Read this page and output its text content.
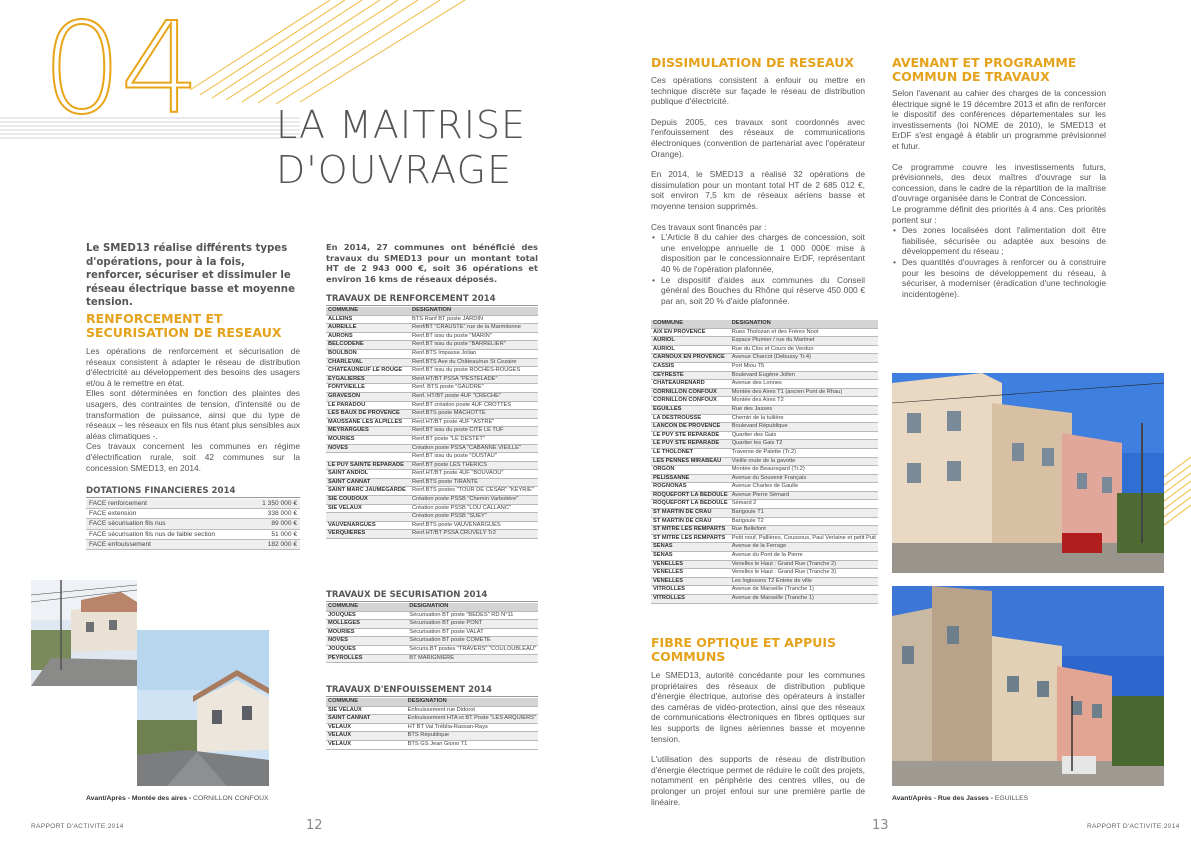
04 LA MAITRISE
D'OUVRAGE
Le SMED13 réalise différents types d'opérations, pour à la fois, renforcer, sécuriser et dissimuler le réseau électrique basse et moyenne tension.
RENFORCEMENT ET
SECURISATION DE RESEAUX
Les opérations de renforcement et sécurisation de réseaux consistent à adapter le réseau de distribution d'électricité au développement des besoins des usagers et/ou à le remettre en état.
Elles sont déterminées en fonction des plaintes des usagers, des contraintes de tension, d'intensité ou de transformation de puissance, ainsi que du type de réseaux – les réseaux en fils nus étant plus sensibles aux aléas climatiques -.
Ces travaux concernent les communes en régime d'électrification rurale, soit 42 communes sur la concession SMED13, en 2014.
DOTATIONS FINANCIERES 2014
FACE renforcement	1 350 000 €
FACE extension	338 000 €
FACE sécurisation fils nus	89 000 €
FACE sécurisation fils nus de faible section	51 000 €
FACE enfouissement	182 000 €
Avant/Après - Montée des aires - CORNILLON CONFOUX
En 2014, 27 communes ont bénéficié des travaux du SMED13 pour un montant total HT de 2 943 000 €, soit 36 opérations et environ 16 kms de réseaux déposés.
TRAVAUX DE RENFORCEMENT 2014
COMMUNE	DESIGNATION
ALLEINS	BTS Ranf BT poste JARDIN
AUREILLE	Renf/BT "CRAUSTE" rue de la Marmitonne
AURONS	Renf.BT issu du poste "MARIN"
BELCODENE	Renf.BT issu du poste "BARRELIER"
BOULBON	Renf.BTS Impasse Jolian
CHARLEVAL	Renf.BTS Ave du Château/rue St Cezaire
CHATEAUNEUF LE ROUGE	Renf.BT issu du poste ROCHES-ROUGES
EYGALIERES	Renf.HT/BT PSSA "PESTELADE"
FONTVIEILLE	Renf. BTS poste "GAUDRE"
GRAVESON	Renf. HT/BT poste 4UF "CRECHE"
LE PARADOU	Renf.BT création poste 4UF CROTTES
LES BAUX DE PROVENCE	Renf.BTS poste MACHOTTE
MAUSSANE LES ALPILLES	Renf.HT/BT poste 4UF "ASTRE"
MEYRARGUES	Renf.BT issu du poste CITE LE TUF
MOURIES	Renf.BT poste "LE DESTET"
NOVES	Création poste PSSA "CABANNE VIEILLE"
	Renf.BT issu du poste "OUSTAU"
LE PUY SAINTE REPARADE	Renf.BT poste LES THERICS
SAINT ANDIOL	Renf.HT/BT poste 4UF "BOUVAOU"
SAINT CANNAT	Renf.BTS poste TIRANTE
SAINT MARC JAUMEGARDE	Renf.BTS postes "TOUR DE CESAR" "KEYRIE"
SIE COUDOUX	Création poste PSSB "Chemin Varbotière"
SIE VELAUX	Création poste PSSB "LOU CALLANC"
	Création poste PSSB "SUEY"
VAUVENARGUES	Renf.BTS poste VAUVENARGUES
VERQUIERES	Renf.HT/BT PSSA CRUVELY Tr2
TRAVAUX DE SECURISATION 2014
COMMUNE	DESIGNATION
JOUQUES	Sécurisation BT poste "BEDES" RD N°11
MOLLEGES	Sécurisation BT poste PONT
MOURIES	Sécurisation BT poste VALAT
NOVES	Sécurisation BT poste COMETE
JOUQUES	Sécuris.BT postes "TRAVERS" "COULOUBLEAU"
PEYROLLES	BT MARIGNIERE
TRAVAUX D'ENFOUISSEMENT 2014
COMMUNE	DESIGNATION
SIE VELAUX	Enfouissement rue Didorot
SAINT CANNAT	Enfouissement HTA et BT Poste "LES ARQUIERS"
VELAUX	HT BT Val Tréblia-Rassan-Rays
VELAUX	BTS République
VELAUX	BTS GS Jean Giono T1
DISSIMULATION DE RESEAUX
Ces opérations consistent à enfouir ou mettre en technique discrète sur façade le réseau de distribution publique d'électricité.
Depuis 2005, ces travaux sont coordonnés avec l'enfouissement des réseaux de communications électroniques (convention de partenariat avec l'opérateur Orange).
En 2014, le SMED13 a réalisé 32 opérations de dissimulation pour un montant total HT de 2 685 012 €, soit environ 7,5 km de réseaux aériens basse et moyenne tension supprimés.
Ces travaux sont financés par :
• L'Article 8 du cahier des charges de concession, soit une enveloppe annuelle de 1 000 000€ mise à disposition par le concessionnaire ErDF, représentant 40 % de l'opération plafonnée,
• Le dispositif d'aides aux communes du Conseil général des Bouches du Rhône qui réserve 450 000 € par an, soit 20 % d'aide plafonnée.
COMMUNE	DESIGNATION
AIX EN PROVENCE	Rues Tholozan et des Frères Noot
AURIOL	Espace Plumier / rue du Martinet
AURIOL	Rue du Clos et Cours de Verdun
CARNOUX EN PROVENCE	Avenue Charcot (Debussy Tr.4)
CASSIS	Port Miou T5
CEYRESTE	Boulevard Eugène Jollen
CHATEAURENARD	Avenue des Lonnes
CORNILLON CONFOUX	Montée des Aires T1 (ancien Pont de Rhau)
CORNILLON CONFOUX	Montée des Aires T2
EGUILLES	Rue des Jasses
LA DESTROUSSE	Chemin de la tuilière
LANCON DE PROVENCE	Boulevard République
LE PUY STE REPARADE	Quartier des Gais
LE PUY STE REPARADE	Quartier les Gais T2
LE THOLONET	Traverse de Palette (Tr.2)
LES PENNES MIRABEAU	Vieille route de la gavotte
ORGON	Montée de Beauregard (Tr.2)
PELISSANNE	Avenue du Souvenir Français
ROGNONAS	Avenue Charles de Gaulle
ROQUEFORT LA BEDOULE	Avenue Pierre Sémard
ROQUEFORT LA BEDOULE	Sémard 2
ST MARTIN DE CRAU	Barigoule T1
ST MARTIN DE CRAU	Barigoule T2
ST MITRE LES REMPARTS	Rue Bellefont
ST MITRE LES REMPARTS	Petit nouf, Pallières, Coussous, Paul Verlaine et petit Puit
SENAS	Avenue de la Ferrage
SENAS	Avenue du Pont de la Pierre
VENELLES	Venelles le Haut : Grand Rue (Tranche 2)
VENELLES	Venelles le Haut : Grand Rue (Tranche 3)
VENELLES	Les logissons T2 Entrée de ville
VITROLLES	Avenue de Marseille (Tranche 1)
VITROLLES	Avenue de Marseille (Tranche 1)
FIBRE OPTIQUE ET APPUIS COMMUNS
Le SMED13, autorité concédante pour les communes propriétaires des réseaux de distribution publique d'énergie électrique, autorise des opérateurs à installer des caméras de vidéo-protection, ainsi que des réseaux de communications électroniques en fibres optiques sur les supports de lignes aériennes basse et moyenne tension.
L'utilisation des supports de réseau de distribution d'énergie électrique permet de réduire le coût des projets, notamment en périphérie des centres villes, ou de prolonger un projet enfoui sur une première partie de linéaire.
AVENANT ET PROGRAMME
COMMUN DE TRAVAUX
Selon l'avenant au cahier des charges de la concession électrique signé le 19 décembre 2013 et afin de renforcer le dispositif des conférences départementales sur les investissements (loi NOME de 2010), le SMED13 et ErDF s'est engagé à établir un programme prévisionnel et futur.
Ce programme couvre les investissements futurs, prévisionnels, des deux maîtres d'ouvrage sur la concession, dans le cadre de la répartition de la maîtrise d'ouvrage organisée dans le Contrat de Concession.
Le programme définit des priorités à 4 ans. Ces priorités portent sur :
• Des zones localisées dont l'alimentation doit être fiabilisée, sécurisée ou adaptée aux besoins de développement du réseau ;
• Des quantités d'ouvrages à renforcer ou à construire pour les besoins de développement du réseau, à sécuriser, à moderniser (éradication d'une technologie incidentogène).
Avant/Après - Rue des Jasses - EGUILLES
RAPPORT D'ACTIVITE 2014	12	13	RAPPORT D'ACTIVITE 2014
